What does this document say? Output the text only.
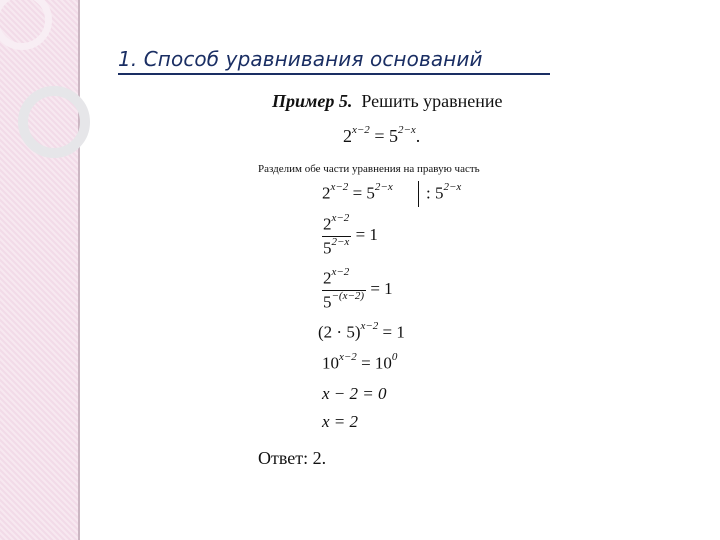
1. Способ уравнивания оснований
Пример 5. Решить уравнение
$2^{x-2} = 5^{2-x}$.
Разделим обе части уравнения на правую часть
$2^{x-2} = 5^{2-x}$ : $5^{2-x}$
$\frac{2^{x-2}}{5^{2-x}} = 1$
$\frac{2^{x-2}}{5^{-(x-2)}} = 1$
$(2 \cdot 5)^{x-2} = 1$
$10^{x-2} = 10^0$
x − 2 = 0
x = 2
Ответ: 2.
